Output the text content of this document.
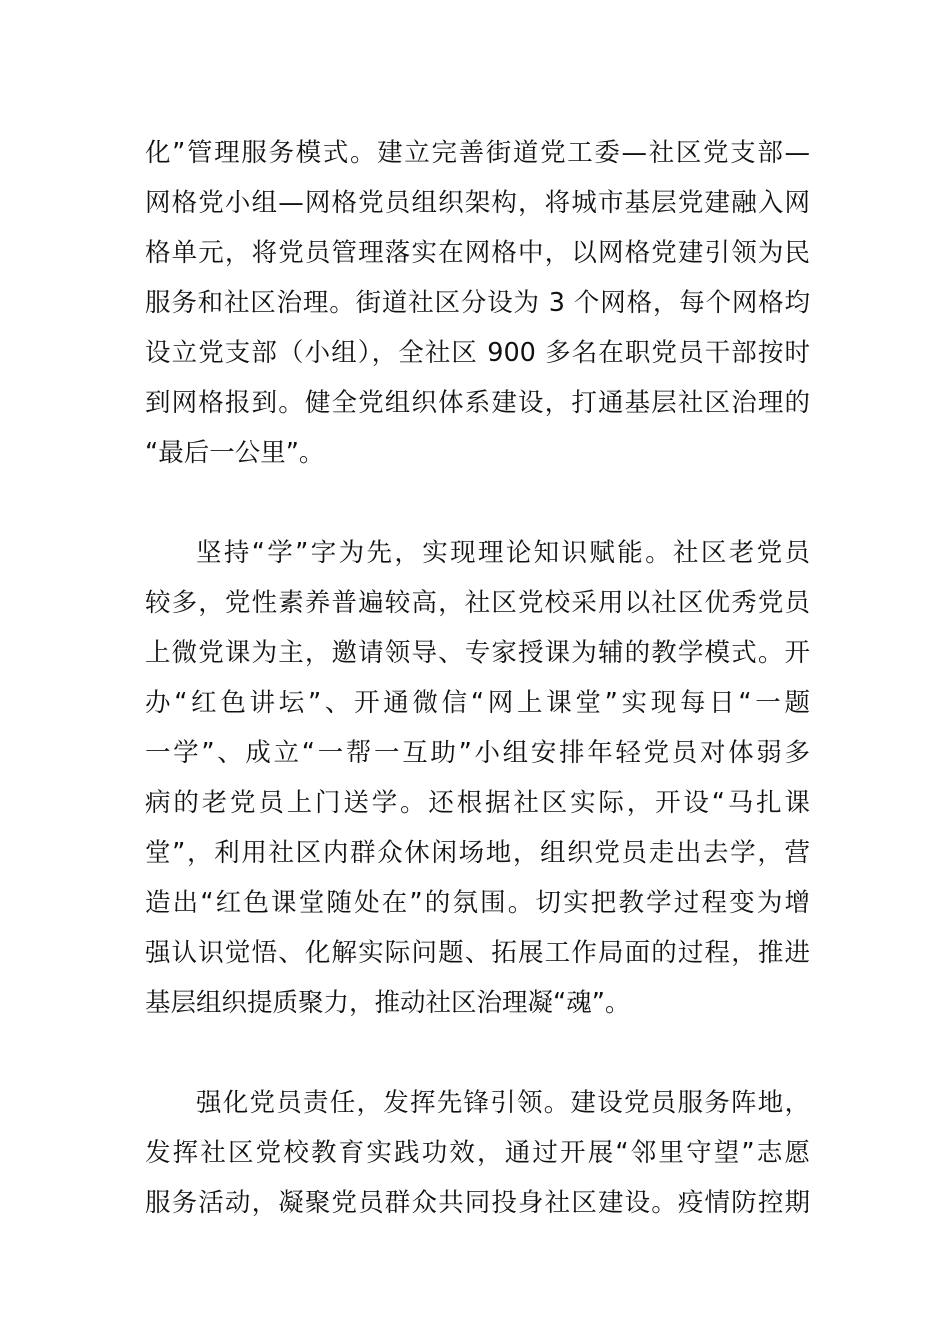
化”管理服务模式。建立完善街道党工委—社区党支部—
网格党小组—网格党员组织架构，将城市基层党建融入网
格单元，将党员管理落实在网格中，以网格党建引领为民
服务和社区治理。街道社区分设为 3 个网格，每个网格均
设立党支部（小组），全社区 900 多名在职党员干部按时
到网格报到。健全党组织体系建设，打通基层社区治理的
“最后一公里”。
坚持“学”字为先，实现理论知识赋能。社区老党员
较多，党性素养普遍较高，社区党校采用以社区优秀党员
上微党课为主，邀请领导、专家授课为辅的教学模式。开
办“红色讲坛”、开通微信“网上课堂”实现每日“一题
一学”、成立“一帮一互助”小组安排年轻党员对体弱多
病的老党员上门送学。还根据社区实际，开设“马扎课
堂”，利用社区内群众休闲场地，组织党员走出去学，营
造出“红色课堂随处在”的氛围。切实把教学过程变为增
强认识觉悟、化解实际问题、拓展工作局面的过程，推进
基层组织提质聚力，推动社区治理凝“魂”。
强化党员责任，发挥先锋引领。建设党员服务阵地，
发挥社区党校教育实践功效，通过开展“邻里守望”志愿
服务活动，凝聚党员群众共同投身社区建设。疫情防控期
